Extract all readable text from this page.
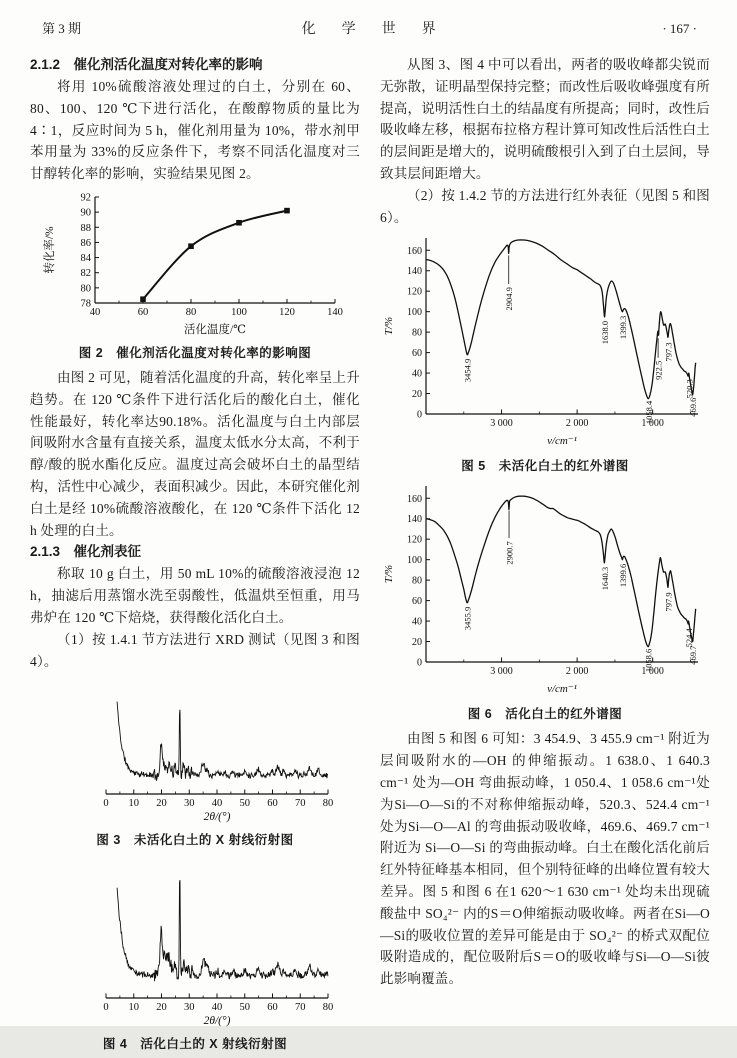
第 3 期	化　学　世　界	· 167 ·
2.1.2　催化剂活化温度对转化率的影响

将用 10%硫酸溶液处理过的白土，分别在 60、80、100、120 ℃下进行活化，在酸醇物质的量比为 4∶1，反应时间为 5 h，催化剂用量为 10%，带水剂甲苯用量为 33%的反应条件下，考察不同活化温度对三甘醇转化率的影响，实验结果见图 2。

78
80
82
84
86
88
90
92
40	60	80	100	120	140
活化温度/℃
转化率/%
图 2　催化剂活化温度对转化率的影响图

由图 2 可见，随着活化温度的升高，转化率呈上升趋势。在 120 ℃条件下进行活化后的酸化白土，催化性能最好，转化率达90.18%。活化温度与白土内部层间吸附水含量有直接关系，温度太低水分太高，不利于醇/酸的脱水酯化反应。温度过高会破坏白土的晶型结构，活性中心减少，表面积减少。因此，本研究催化剂白土是经 10%硫酸溶液酸化，在 120 ℃条件下活化 12 h 处理的白土。

2.1.3　催化剂表征

称取 10 g 白土，用 50 mL 10%的硫酸溶液浸泡 12 h，抽滤后用蒸馏水洗至弱酸性，低温烘至恒重，用马弗炉在 120 ℃下焙烧，获得酸化活化白土。

（1）按 1.4.1 节方法进行 XRD 测试（见图 3 和图 4）。

0 10 20 30 40 50 60 70 80
2θ/(°)
图 3　未活化白土的 X 射线衍射图
0 10 20 30 40 50 60 70 80
2θ/(°)
图 4　活化白土的 X 射线衍射图

从图 3、图 4 中可以看出，两者的吸收峰都尖锐而无弥散，证明晶型保持完整；而改性后吸收峰强度有所提高，说明活性白土的结晶度有所提高；同时，改性后吸收峰左移，根据布拉格方程计算可知改性后活性白土的层间距是增大的，说明硫酸根引入到了白土层间，导致其层间距增大。

（2）按 1.4.2 节的方法进行红外表征（见图 5 和图 6）。

0
20
40
60
80
100
120
140
160
3 000	2 000	1 000
ν/cm⁻¹
T/%
3454.9
2904.9
1638.0 1399.3
1058.4
922.5
797.3
520.3
469.6
图 5　未活化白土的红外谱图
0
20
40
60
80
100
120
140
160
3 000	2 000	1 000
ν/cm⁻¹
T/%
3455.9
2900.7
1640.3 1399.6
1058.6
797.9
524.4
469.7
图 6　活化白土的红外谱图

由图 5 和图 6 可知：3 454.9、3 455.9 cm⁻¹ 附近为层间吸附水的—OH 的伸缩振动。1 638.0、1 640.3 cm⁻¹ 处为—OH 弯曲振动峰，1 050.4、1 058.6 cm⁻¹处为Si—O—Si的不对称伸缩振动峰，520.3、524.4 cm⁻¹处为Si—O—Al 的弯曲振动吸收峰，469.6、469.7 cm⁻¹ 附近为 Si—O—Si 的弯曲振动峰。白土在酸化活化前后红外特征峰基本相同，但个别特征峰的出峰位置有较大差异。图 5 和图 6 在1 620～1 630 cm⁻¹ 处均未出现硫酸盐中 SO₄²⁻ 内的S＝O伸缩振动吸收峰。两者在Si—O—Si的吸收位置的差异可能是由于 SO₄²⁻ 的桥式双配位吸附造成的，配位吸附后S＝O的吸收峰与Si—O—Si彼此影响覆盖。
